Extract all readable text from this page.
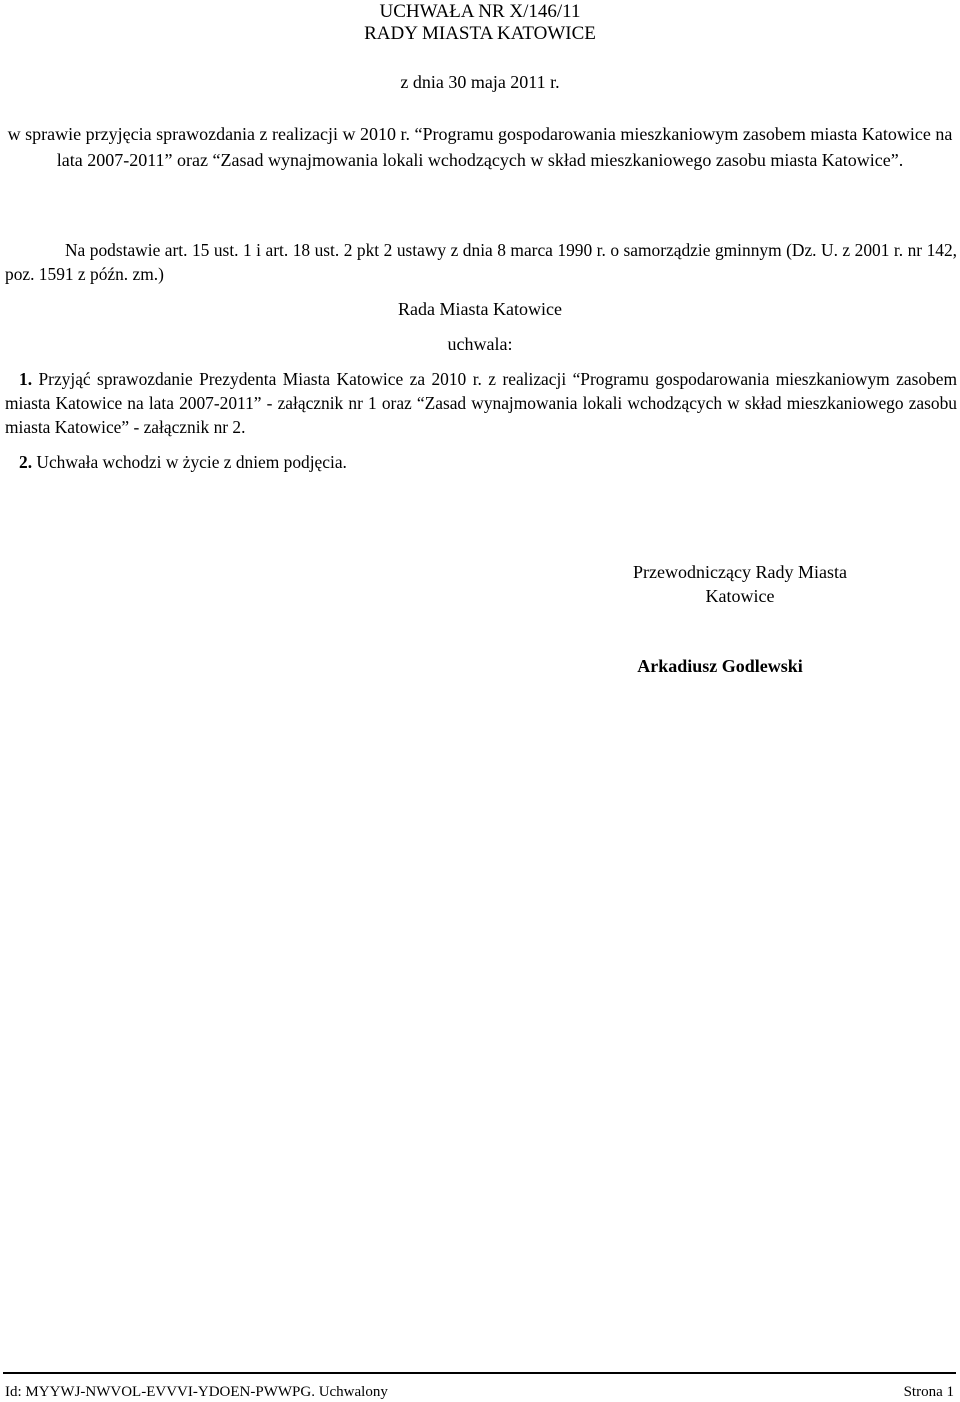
UCHWAŁA NR X/146/11
RADY MIASTA KATOWICE
z dnia 30 maja 2011 r.
w sprawie przyjęcia sprawozdania z realizacji w 2010 r. “Programu gospodarowania mieszkaniowym zasobem miasta Katowice na lata 2007-2011” oraz “Zasad wynajmowania lokali wchodzących w skład mieszkaniowego zasobu miasta Katowice”.
Na podstawie art. 15 ust. 1 i art. 18 ust. 2 pkt 2 ustawy z dnia 8 marca 1990 r. o samorządzie gminnym (Dz. U. z 2001 r. nr 142, poz. 1591 z późn. zm.)
Rada Miasta Katowice
uchwala:
1. Przyjąć sprawozdanie Prezydenta Miasta Katowice za 2010 r. z realizacji “Programu gospodarowania mieszkaniowym zasobem miasta Katowice na lata 2007-2011” - załącznik nr 1 oraz “Zasad wynajmowania lokali wchodzących w skład mieszkaniowego zasobu miasta Katowice” - załącznik nr 2.
2. Uchwała wchodzi w życie z dniem podjęcia.
Przewodniczący Rady Miasta
Katowice
Arkadiusz Godlewski
Id: MYYWJ-NWVOL-EVVVI-YDOEN-PWWPG. Uchwalony	Strona 1
